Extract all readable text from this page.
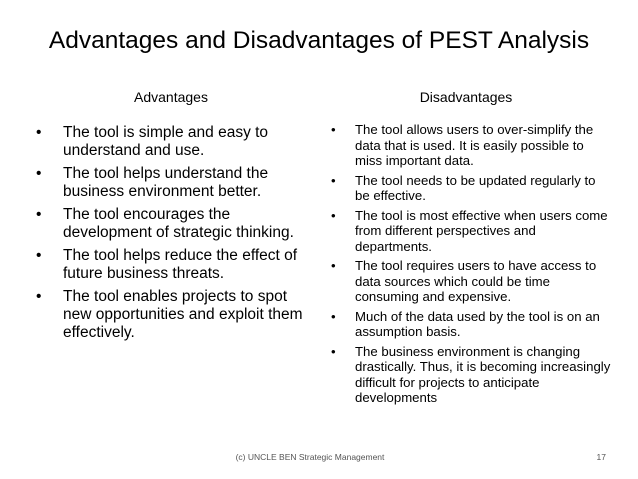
Advantages and Disadvantages of PEST Analysis
Advantages	Disadvantages
• The tool is simple and easy to understand and use.
• The tool helps understand the business environment better.
• The tool encourages the development of strategic thinking.
• The tool helps reduce the effect of future business threats.
• The tool enables projects to spot new opportunities and exploit them effectively.
• The tool allows users to over-simplify the data that is used. It is easily possible to miss important data.
• The tool needs to be updated regularly to be effective.
• The tool is most effective when users come from different perspectives and departments.
• The tool requires users to have access to data sources which could be time consuming and expensive.
• Much of the data used by the tool is on an assumption basis.
• The business environment is changing drastically. Thus, it is becoming increasingly difficult for projects to anticipate developments
(c) UNCLE BEN Strategic Management	17
